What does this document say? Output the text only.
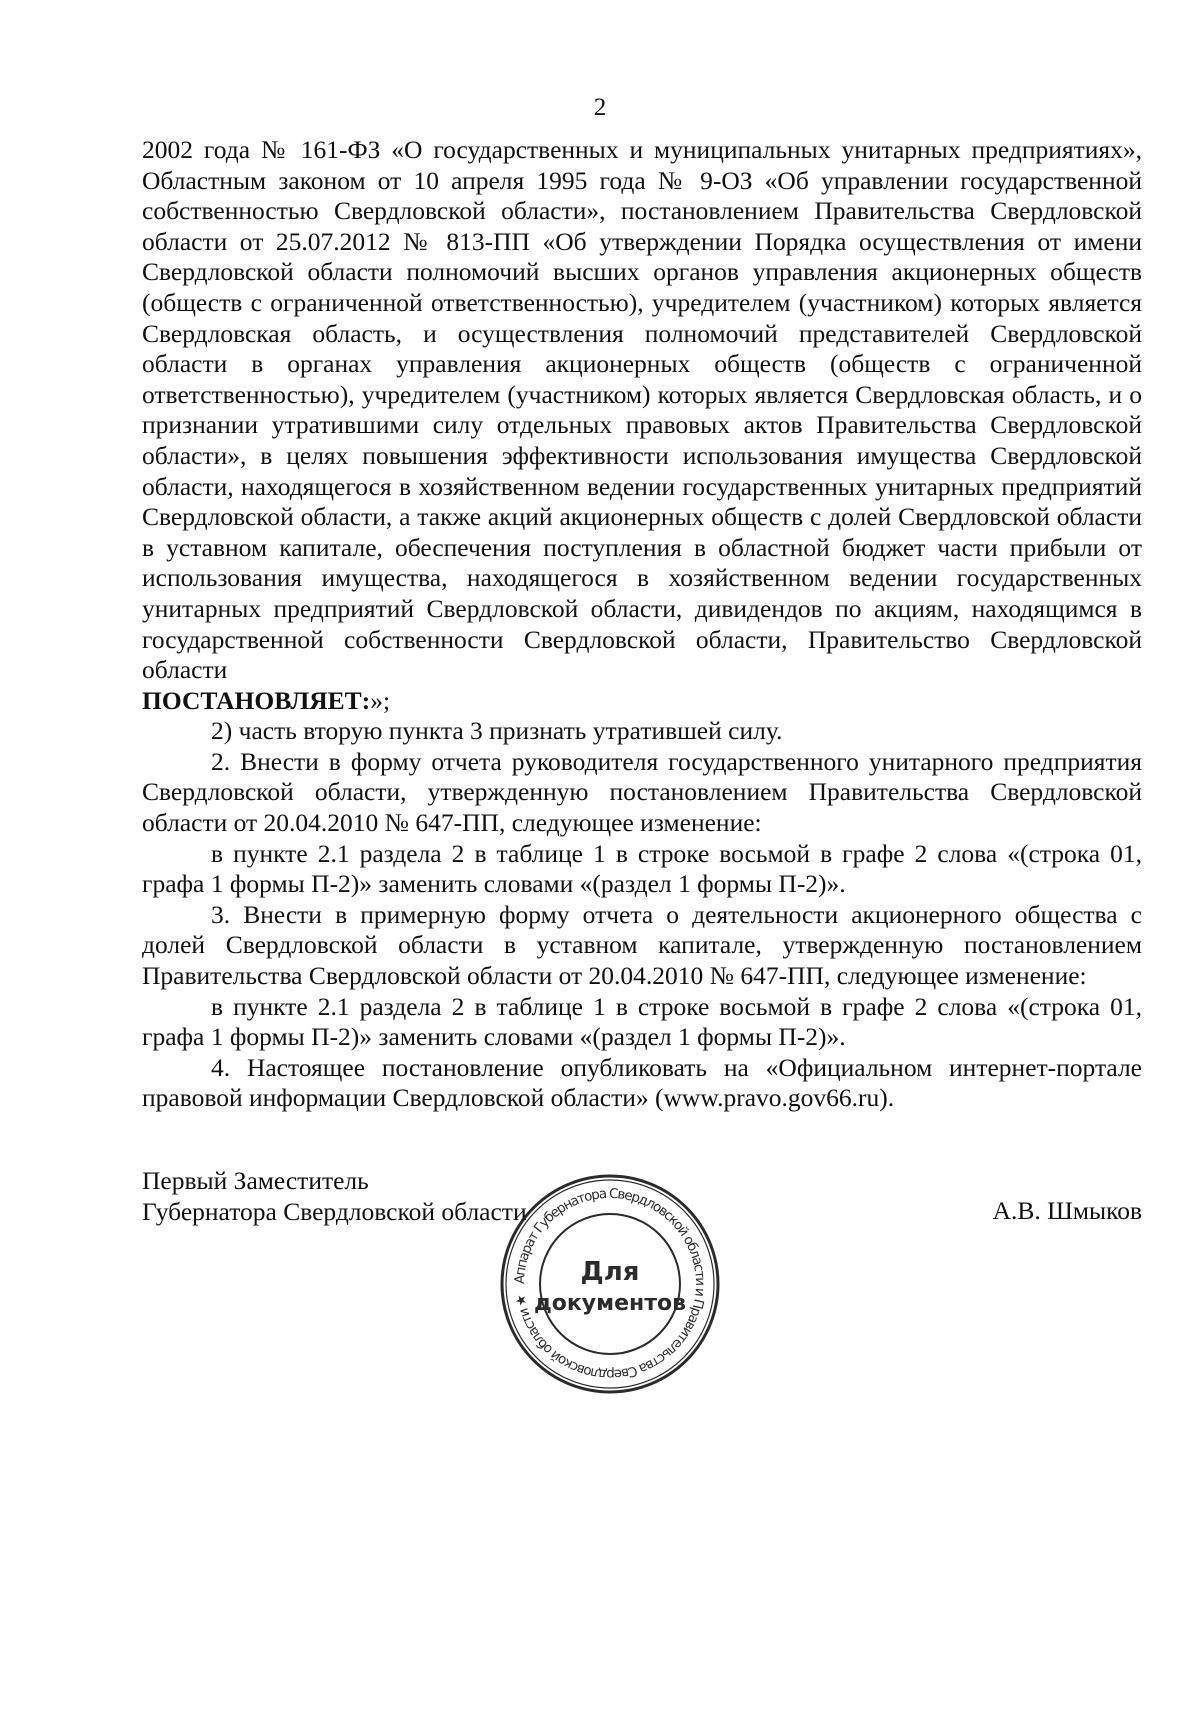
2

2002 года № 161-ФЗ «О государственных и муниципальных унитарных предприятиях», Областным законом от 10 апреля 1995 года № 9-ОЗ «Об управлении государственной собственностью Свердловской области», постановлением Правительства Свердловской области от 25.07.2012 № 813-ПП «Об утверждении Порядка осуществления от имени Свердловской области полномочий высших органов управления акционерных обществ (обществ с ограниченной ответственностью), учредителем (участником) которых является Свердловская область, и осуществления полномочий представителей Свердловской области в органах управления акционерных обществ (обществ с ограниченной ответственностью), учредителем (участником) которых является Свердловская область, и о признании утратившими силу отдельных правовых актов Правительства Свердловской области», в целях повышения эффективности использования имущества Свердловской области, находящегося в хозяйственном ведении государственных унитарных предприятий Свердловской области, а также акций акционерных обществ с долей Свердловской области в уставном капитале, обеспечения поступления в областной бюджет части прибыли от использования имущества, находящегося в хозяйственном ведении государственных унитарных предприятий Свердловской области, дивидендов по акциям, находящимся в государственной собственности Свердловской области, Правительство Свердловской области

ПОСТАНОВЛЯЕТ:»;

2) часть вторую пункта 3 признать утратившей силу.

2. Внести в форму отчета руководителя государственного унитарного предприятия Свердловской области, утвержденную постановлением Правительства Свердловской области от 20.04.2010 № 647-ПП, следующее изменение:

в пункте 2.1 раздела 2 в таблице 1 в строке восьмой в графе 2 слова «(строка 01, графа 1 формы П-2)» заменить словами «(раздел 1 формы П-2)».

3. Внести в примерную форму отчета о деятельности акционерного общества с долей Свердловской области в уставном капитале, утвержденную постановлением Правительства Свердловской области от 20.04.2010 № 647-ПП, следующее изменение:

в пункте 2.1 раздела 2 в таблице 1 в строке восьмой в графе 2 слова «(строка 01, графа 1 формы П-2)» заменить словами «(раздел 1 формы П-2)».

4. Настоящее постановление опубликовать на «Официальном интернет-портале правовой информации Свердловской области» (www.pravo.gov66.ru).

Первый Заместитель
Губернатора Свердловской области	А.В. Шмыков
Аппарат Губернатора Свердловской области и Правительства Свердловской области ★
Для
документов
